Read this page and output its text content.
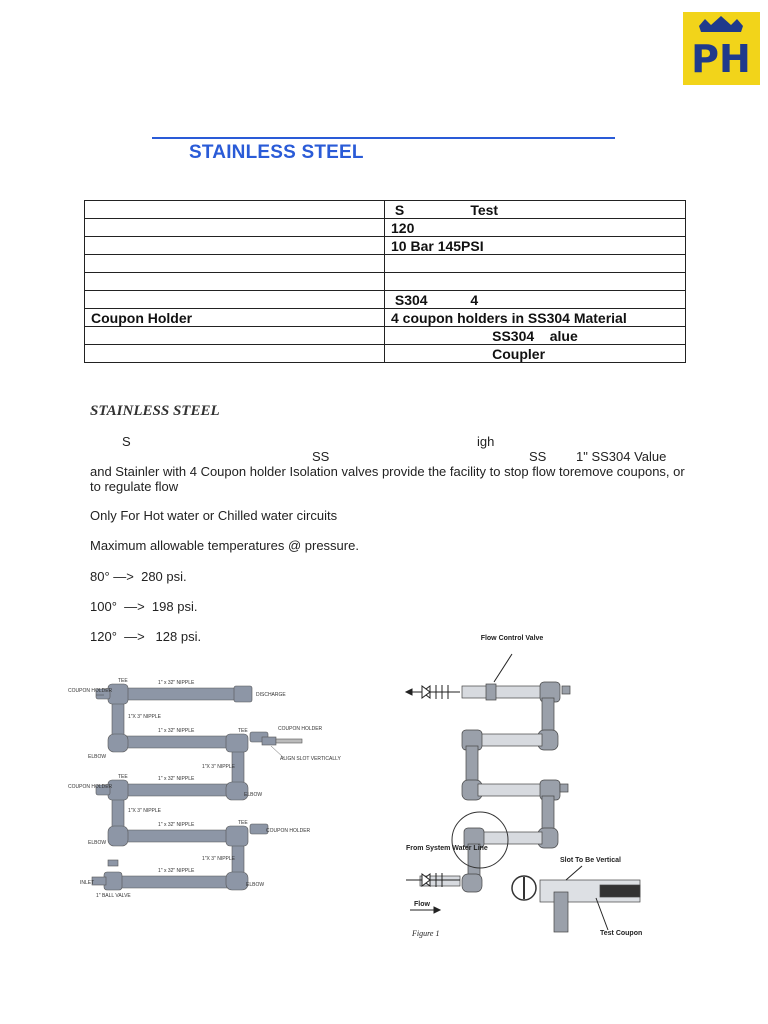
PH
STAINLESS STEEL
	S                 Test
	120
	10 Bar 145PSI

	S304           4
Coupon Holder	4 coupon holders in SS304 Material
	SS304    alue
	Coupler
STAINLESS STEEL
S	igh
SS	SS 1" SS304 Value
and Stainler with 4 Coupon holder Isolation valves provide the facility to stop flow toremove coupons, or
to regulate flow
Only For Hot water or Chilled water circuits
Maximum allowable temperatures @ pressure.
80° —>  280 psi.
100°  —>  198 psi.
120°  —>   128 psi.
1" x 32" NIPPLE
1" x 32" NIPPLE
1" x 32" NIPPLE
1" x 32" NIPPLE
1" x 32" NIPPLE
TEE
TEE
TEE
TEE
DISCHARGE
COUPON HOLDER
COUPON HOLDER
COUPON HOLDER
COUPON HOLDER
1"X 3" NIPPLE
1"X 3" NIPPLE
1"X 3" NIPPLE
1"X 3" NIPPLE
ELBOW
ELBOW
ELBOW
ELBOW
ALIGN SLOT VERTICALLY
INLET
1" BALL VALVE
Flow Control Valve
From System Water Line
Flow
Slot To Be Vertical
Test Coupon
Figure 1
